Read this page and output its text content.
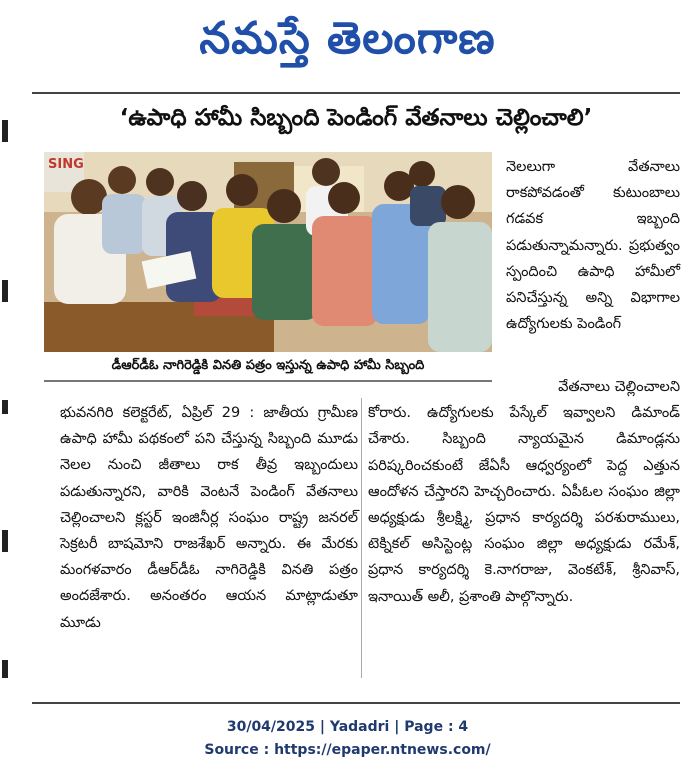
నమస్తే తెలంగాణ
‘ఉపాధి హామీ సిబ్బంది పెండింగ్ వేతనాలు చెల్లించాలి’
SING
డీఆర్‌డీఓ నాగిరెడ్డికి వినతి పత్రం ఇస్తున్న ఉపాధి హామీ సిబ్బంది

నెలలుగా వేతనాలు రాకపోవడంతో కుటుంబాలు గడవక ఇబ్బంది పడుతున్నామన్నారు. ప్రభుత్వం స్పందించి ఉపాధి హామీలో పనిచేస్తున్న అన్ని విభాగాల ఉద్యోగులకు పెండింగ్

భువనగిరి కలెక్టరేట్, ఏప్రిల్ 29 : జాతీయ గ్రామీణ ఉపాధి హామీ పథకంలో పని చేస్తున్న సిబ్బంది మూడు నెలల నుంచి జీతాలు రాక తీవ్ర ఇబ్బందులు పడుతున్నారని, వారికి వెంటనే పెండింగ్ వేతనాలు చెల్లించాలని క్లస్టర్ ఇంజినీర్ల సంఘం రాష్ట్ర జనరల్ సెక్రటరీ బాషమోని రాజశేఖర్ అన్నారు. ఈ మేరకు మంగళవారం డీఆర్‌డీఓ నాగిరెడ్డికి వినతి పత్రం అందజేశారు. అనంతరం ఆయన మాట్లాడుతూ మూడు

వేతనాలు చెల్లించాలని

కోరారు. ఉద్యోగులకు పేస్కేల్ ఇవ్వాలని డిమాండ్ చేశారు. సిబ్బంది న్యాయమైన డిమాండ్లను పరిష్కరించకుంటే జేఏసీ ఆధ్వర్యంలో పెద్ద ఎత్తున ఆందోళన చేస్తారని హెచ్చరించారు. ఏపీఓల సంఘం జిల్లా అధ్యక్షుడు శ్రీలక్ష్మి, ప్రధాన కార్యదర్శి పరశురాములు, టెక్నికల్ అసిస్టెంట్ల సంఘం జిల్లా అధ్యక్షుడు రమేశ్, ప్రధాన కార్యదర్శి కె.నాగరాజు, వెంకటేశ్, శ్రీనివాస్, ఇనాయిత్ అలీ, ప్రశాంతి పాల్గొన్నారు.

30/04/2025 | Yadadri | Page : 4
Source : https://epaper.ntnews.com/
